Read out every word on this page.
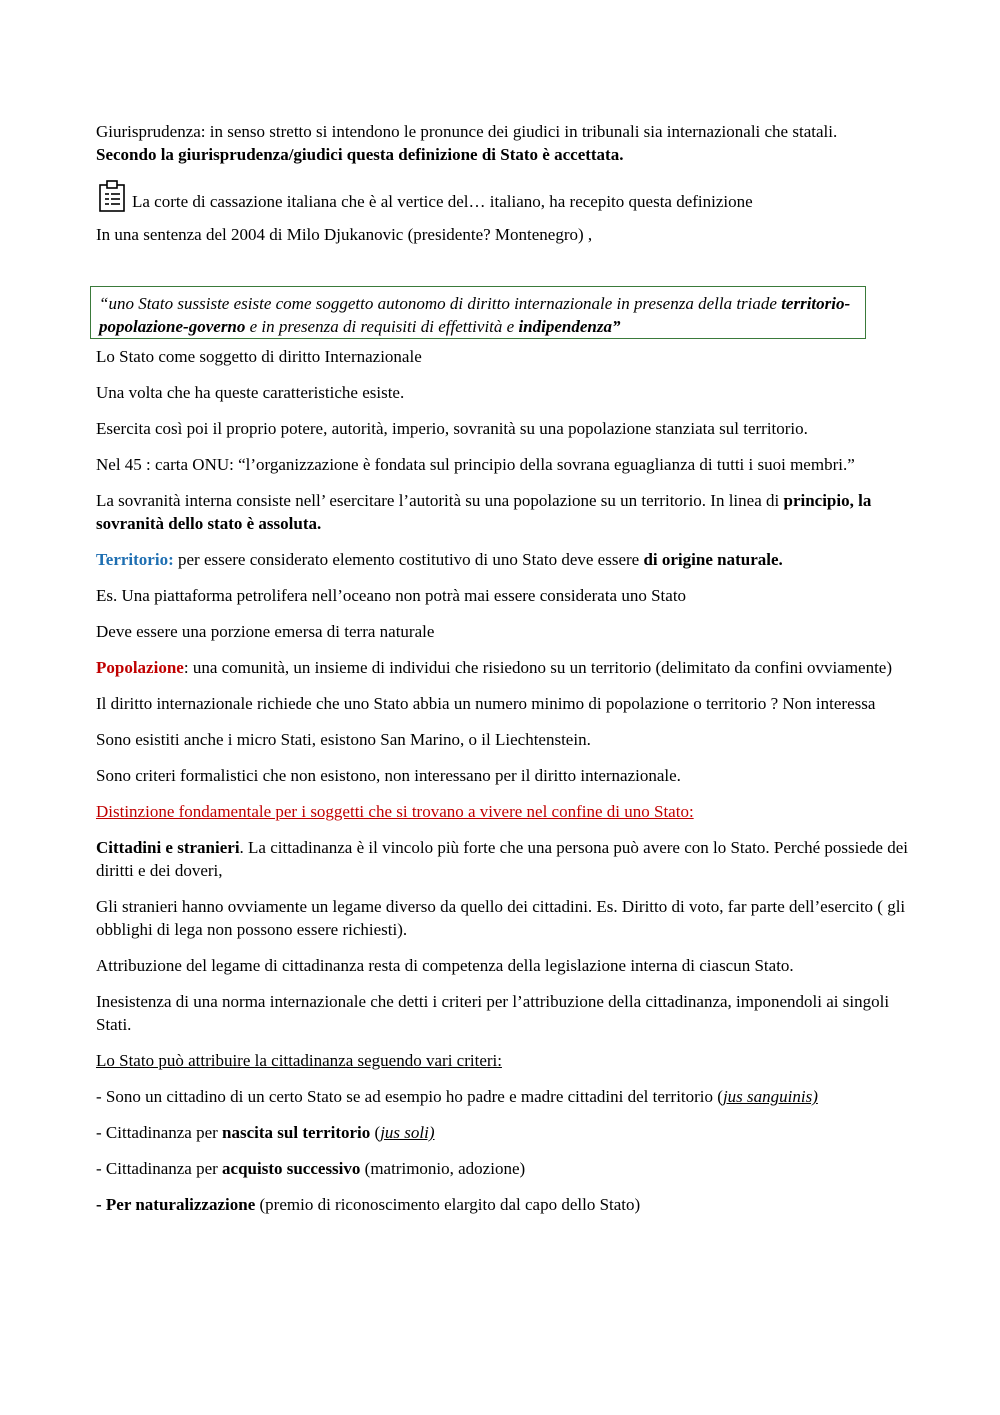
Giurisprudenza: in senso stretto si intendono le pronunce dei giudici in tribunali sia internazionali che statali.
Secondo la giurisprudenza/giudici questa definizione di Stato è accettata.

La corte di cassazione italiana che è al vertice del… italiano, ha recepito questa definizione

In una sentenza del 2004 di Milo Djukanovic (presidente? Montenegro) ,

“uno Stato sussiste esiste come soggetto autonomo di diritto internazionale in presenza della triade territorio-popolazione-governo e in presenza di requisiti di effettività e indipendenza”

Lo Stato come soggetto di diritto Internazionale

Una volta che ha queste caratteristiche esiste.

Esercita così poi il proprio potere, autorità, imperio, sovranità su una popolazione stanziata sul territorio.

Nel 45 : carta ONU: “l’organizzazione è fondata sul principio della sovrana eguaglianza di tutti i suoi membri.”

La sovranità interna consiste nell’ esercitare l’autorità su una popolazione su un territorio. In linea di principio, la sovranità dello stato è assoluta.

Territorio: per essere considerato elemento costitutivo di uno Stato deve essere di origine naturale.

Es. Una piattaforma petrolifera nell’oceano non potrà mai essere considerata uno Stato

Deve essere una porzione emersa di terra naturale

Popolazione: una comunità, un insieme di individui che risiedono su un territorio (delimitato da confini ovviamente)

Il diritto internazionale richiede che uno Stato abbia un numero minimo di popolazione o territorio ? Non interessa

Sono esistiti anche i micro Stati, esistono San Marino, o il Liechtenstein.

Sono criteri formalistici che non esistono, non interessano per il diritto internazionale.

Distinzione fondamentale per i soggetti che si trovano a vivere nel confine di uno Stato:

Cittadini e stranieri. La cittadinanza è il vincolo più forte che una persona può avere con lo Stato. Perché possiede dei diritti e dei doveri,

Gli stranieri hanno ovviamente un legame diverso da quello dei cittadini. Es. Diritto di voto, far parte dell’esercito ( gli obblighi di lega non possono essere richiesti).

Attribuzione del legame di cittadinanza resta di competenza della legislazione interna di ciascun Stato.

Inesistenza di una norma internazionale che detti i criteri per l’attribuzione della cittadinanza, imponendoli ai singoli Stati.

Lo Stato può attribuire la cittadinanza seguendo vari criteri:

- Sono un cittadino di un certo Stato se ad esempio ho padre e madre cittadini del territorio (jus sanguinis)

- Cittadinanza per nascita sul territorio (jus soli)

- Cittadinanza per acquisto successivo (matrimonio, adozione)

- Per naturalizzazione (premio di riconoscimento elargito dal capo dello Stato)
